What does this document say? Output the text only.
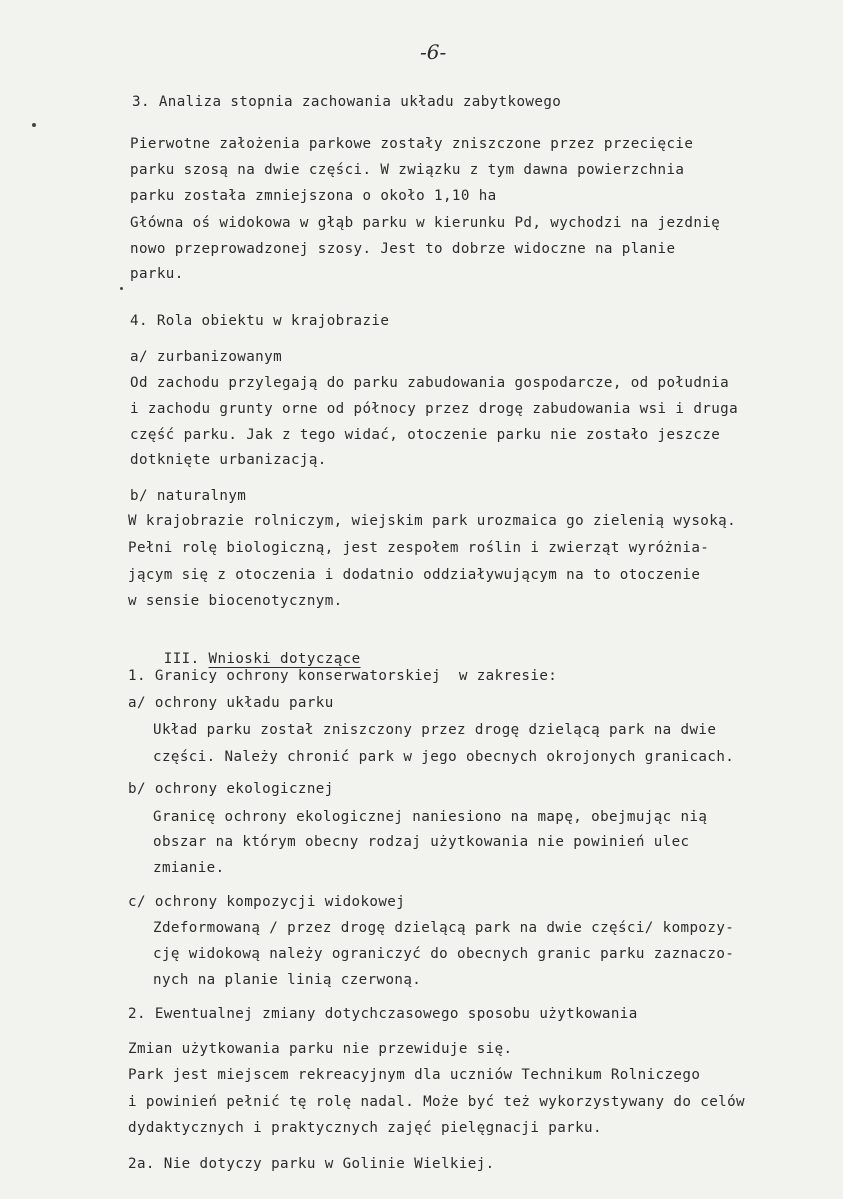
-6-
3. Analiza stopnia zachowania układu zabytkowego
Pierwotne założenia parkowe zostały zniszczone przez przecięcie
parku szosą na dwie części. W związku z tym dawna powierzchnia
parku została zmniejszona o około 1,10 ha
Główna oś widokowa w głąb parku w kierunku Pd, wychodzi na jezdnię
nowo przeprowadzonej szosy. Jest to dobrze widoczne na planie
parku.
4. Rola obiektu w krajobrazie
a/ zurbanizowanym
Od zachodu przylegają do parku zabudowania gospodarcze, od południa
i zachodu grunty orne od północy przez drogę zabudowania wsi i druga
część parku. Jak z tego widać, otoczenie parku nie zostało jeszcze
dotknięte urbanizacją.
b/ naturalnym
W krajobrazie rolniczym, wiejskim park urozmaica go zielenią wysoką.
Pełni rolę biologiczną, jest zespołem roślin i zwierząt wyróżnia-
jącym się z otoczenia i dodatnio oddziaływującym na to otoczenie
w sensie biocenotycznym.

III. Wnioski dotyczące

1. Granicy ochrony konserwatorskiej  w zakresie:
a/ ochrony układu parku
Układ parku został zniszczony przez drogę dzielącą park na dwie
części. Należy chronić park w jego obecnych okrojonych granicach.
b/ ochrony ekologicznej
Granicę ochrony ekologicznej naniesiono na mapę, obejmując nią
obszar na którym obecny rodzaj użytkowania nie powinień ulec
zmianie.
c/ ochrony kompozycji widokowej
Zdeformowaną / przez drogę dzielącą park na dwie części/ kompozy-
cję widokową należy ograniczyć do obecnych granic parku zaznaczo-
nych na planie linią czerwoną.
2. Ewentualnej zmiany dotychczasowego sposobu użytkowania
Zmian użytkowania parku nie przewiduje się.
Park jest miejscem rekreacyjnym dla uczniów Technikum Rolniczego
i powinień pełnić tę rolę nadal. Może być też wykorzystywany do celów
dydaktycznych i praktycznych zajęć pielęgnacji parku.
2a. Nie dotyczy parku w Golinie Wielkiej.
